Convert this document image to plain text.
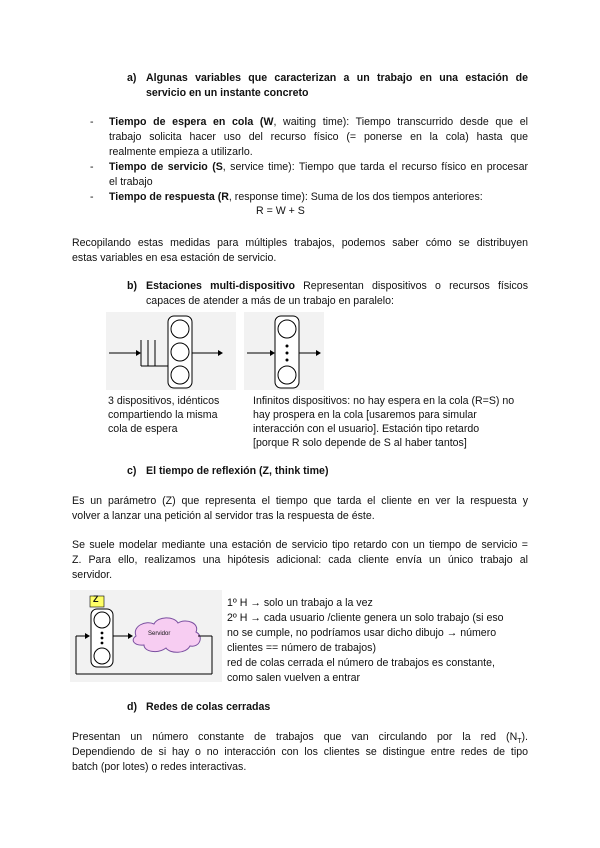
a) Algunas variables que caracterizan a un trabajo en una estación de
servicio en un instante concreto
- Tiempo de espera en cola (W, waiting time): Tiempo transcurrido desde que el
trabajo solicita hacer uso del recurso físico (= ponerse en la cola) hasta que
realmente empieza a utilizarlo.
- Tiempo de servicio (S, service time): Tiempo que tarda el recurso físico en procesar
el trabajo
- Tiempo de respuesta (R, response time): Suma de los dos tiempos anteriores:
R = W + S
Recopilando estas medidas para múltiples trabajos, podemos saber cómo se distribuyen
estas variables en esa estación de servicio.
b) Estaciones multi-dispositivo Representan dispositivos o recursos físicos
capaces de atender a más de un trabajo en paralelo:
3 dispositivos, idénticos
compartiendo la misma
cola de espera
Infinitos dispositivos: no hay espera en la cola (R=S) no
hay prospera en la cola [usaremos para simular
interacción con el usuario]. Estación tipo retardo
[porque R solo depende de S al haber tantos]
c) El tiempo de reflexión (Z, think time)
Es un parámetro (Z) que representa el tiempo que tarda el cliente en ver la respuesta y
volver a lanzar una petición al servidor tras la respuesta de éste.
Se suele modelar mediante una estación de servicio tipo retardo con un tiempo de servicio =
Z. Para ello, realizamos una hipótesis adicional: cada cliente envía un único trabajo al
servidor.
Z
Servidor
1º H → solo un trabajo a la vez
2º H → cada usuario /cliente genera un solo trabajo (si eso
no se cumple, no podríamos usar dicho dibujo → número
clientes == número de trabajos)
red de colas cerrada el número de trabajos es constante,
como salen vuelven a entrar
d) Redes de colas cerradas
Presentan un número constante de trabajos que van circulando por la red $(N_T)$.
Dependiendo de si hay o no interacción con los clientes se distingue entre redes de tipo
batch (por lotes) o redes interactivas.
